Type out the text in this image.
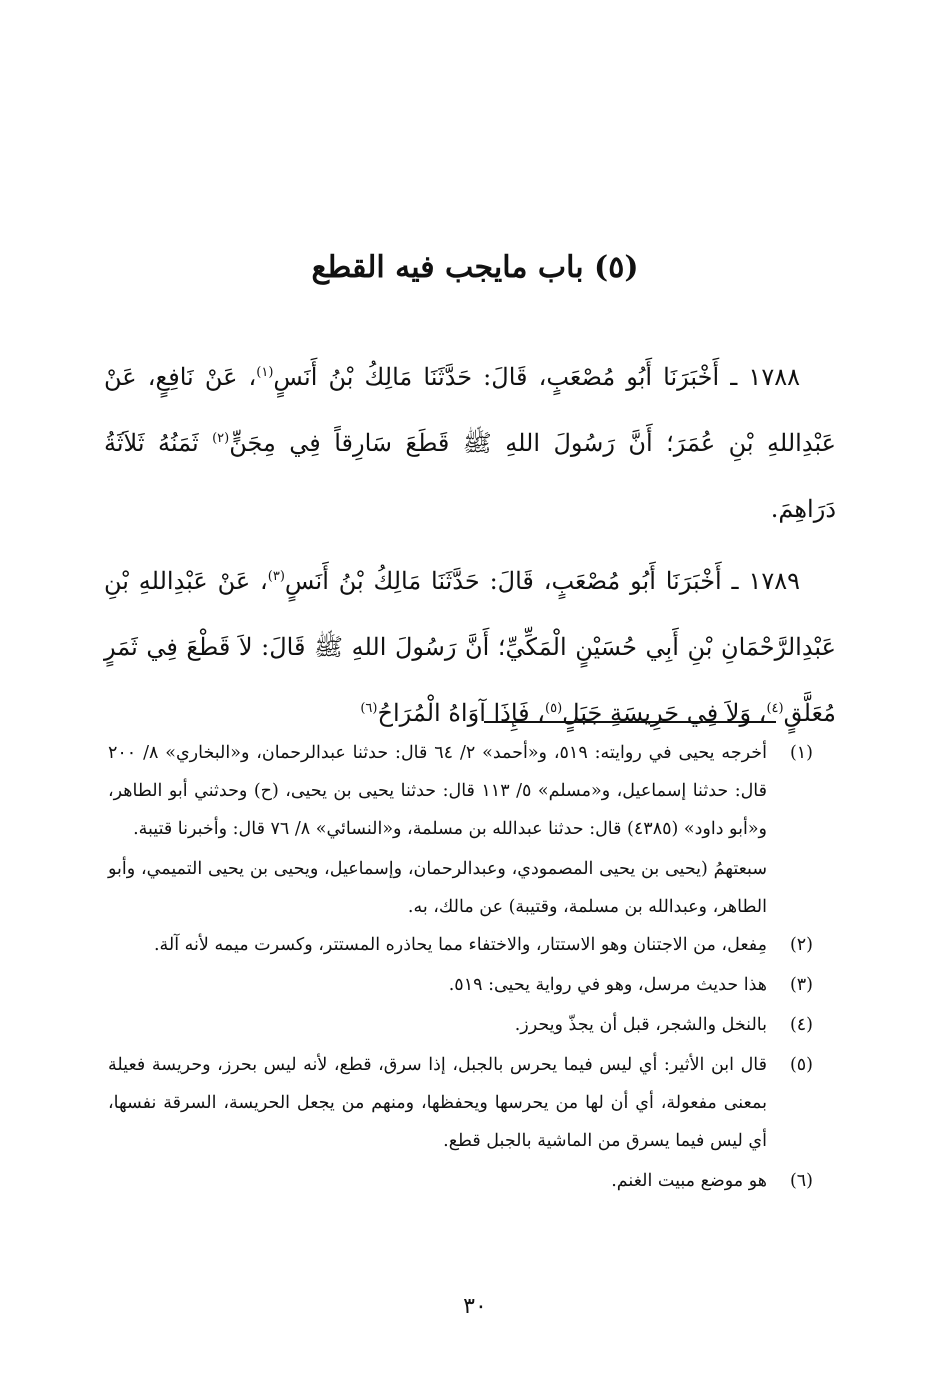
(٥) باب مايجب فيه القطع

١٧٨٨ ـ أَخْبَرَنَا أَبُو مُصْعَبٍ، قَالَ: حَدَّثَنَا مَالِكُ بْنُ أَنَسٍ$^{(١)}$، عَنْ نَافِعٍ، عَنْ عَبْدِاللهِ بْنِ عُمَرَ؛ أَنَّ رَسُولَ اللهِ ﷺ قَطَعَ سَارِقاً فِي مِجَنٍّ$^{(٢)}$ ثَمَنُهُ ثَلاَثَةُ دَرَاهِمَ.

١٧٨٩ ـ أَخْبَرَنَا أَبُو مُصْعَبٍ، قَالَ: حَدَّثَنَا مَالِكُ بْنُ أَنَسٍ$^{(٣)}$، عَنْ عَبْدِاللهِ بْنِ عَبْدِالرَّحْمَانِ بْنِ أَبِي حُسَيْنٍ الْمَكِّيِّ؛ أَنَّ رَسُولَ اللهِ ﷺ قَالَ: لاَ قَطْعَ فِي ثَمَرٍ مُعَلَّقٍ$^{(٤)}$، وَلاَ فِي حَرِيسَةِ جَبَلٍ$^{(٥)}$، فَإِذَا آوَاهُ الْمُرَاحُ$^{(٦)}$

(١)
أخرجه يحيى في روايته: ٥١٩، و«أحمد» ٢/ ٦٤ قال: حدثنا عبدالرحمان، و«البخاري» ٨/ ٢٠٠ قال: حدثنا إسماعيل، و«مسلم» ٥/ ١١٣ قال: حدثنا يحيى بن يحيى، (ح) وحدثني أبو الطاهر، و«أبو داود» (٤٣٨٥) قال: حدثنا عبدالله بن مسلمة، و«النسائي» ٨/ ٧٦ قال: وأخبرنا قتيبة.
سبعتهمُ (يحيى بن يحيى المصمودي، وعبدالرحمان، وإسماعيل، ويحيى بن يحيى التميمي، وأبو الطاهر، وعبدالله بن مسلمة، وقتيبة) عن مالك، به.
(٢)
مِفعل، من الاجتنان وهو الاستتار، والاختفاء مما يحاذره المستتر، وكسرت ميمه لأنه آلة.
(٣)
هذا حديث مرسل، وهو في رواية يحيى: ٥١٩.
(٤)
بالنخل والشجر، قبل أن يجذّ ويحرز.
(٥)
قال ابن الأثير: أي ليس فيما يحرس بالجبل، إذا سرق، قطع، لأنه ليس بحرز، وحريسة فعيلة بمعنى مفعولة، أي أن لها من يحرسها ويحفظها، ومنهم من يجعل الحريسة، السرقة نفسها، أي ليس فيما يسرق من الماشية بالجبل قطع.
(٦)
هو موضع مبيت الغنم.
٣٠
